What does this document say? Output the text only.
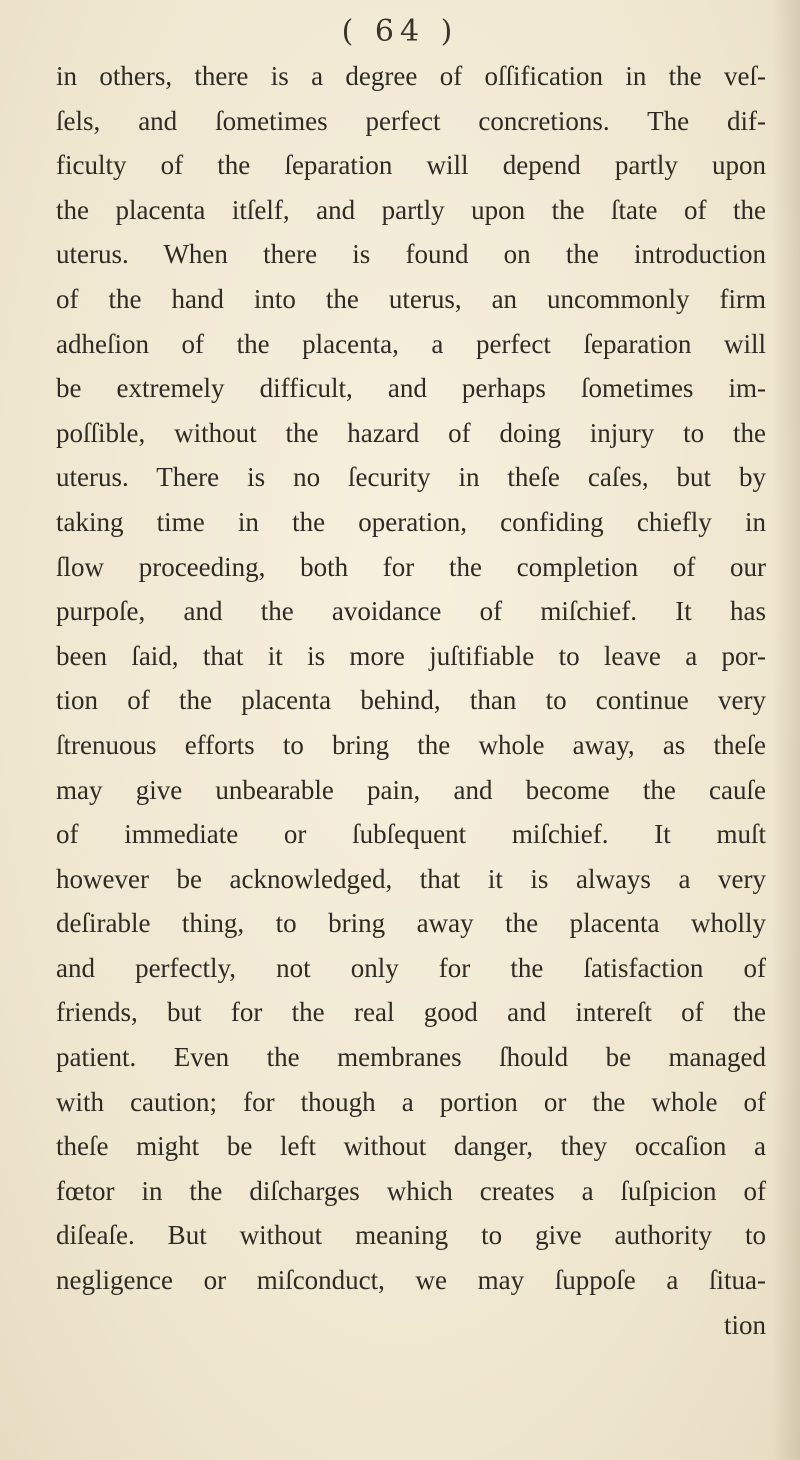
( 64 )
in others, there is a degree of oſſification in the veſ-
ſels, and ſometimes perfect concretions. The dif-
ficulty of the ſeparation will depend partly upon
the placenta itſelf, and partly upon the ſtate of the
uterus. When there is found on the introduction
of the hand into the uterus, an uncommonly firm
adheſion of the placenta, a perfect ſeparation will
be extremely difficult, and perhaps ſometimes im-
poſſible, without the hazard of doing injury to the
uterus. There is no ſecurity in theſe caſes, but by
taking time in the operation, confiding chiefly in
ſlow proceeding, both for the completion of our
purpoſe, and the avoidance of miſchief. It has
been ſaid, that it is more juſtifiable to leave a por-
tion of the placenta behind, than to continue very
ſtrenuous efforts to bring the whole away, as theſe
may give unbearable pain, and become the cauſe
of immediate or ſubſequent miſchief. It muſt
however be acknowledged, that it is always a very
deſirable thing, to bring away the placenta wholly
and perfectly, not only for the ſatisfaction of
friends, but for the real good and intereſt of the
patient. Even the membranes ſhould be managed
with caution; for though a portion or the whole of
theſe might be left without danger, they occaſion a
fœtor in the diſcharges which creates a ſuſpicion of
diſeaſe. But without meaning to give authority to
negligence or miſconduct, we may ſuppoſe a ſitua-
tion
